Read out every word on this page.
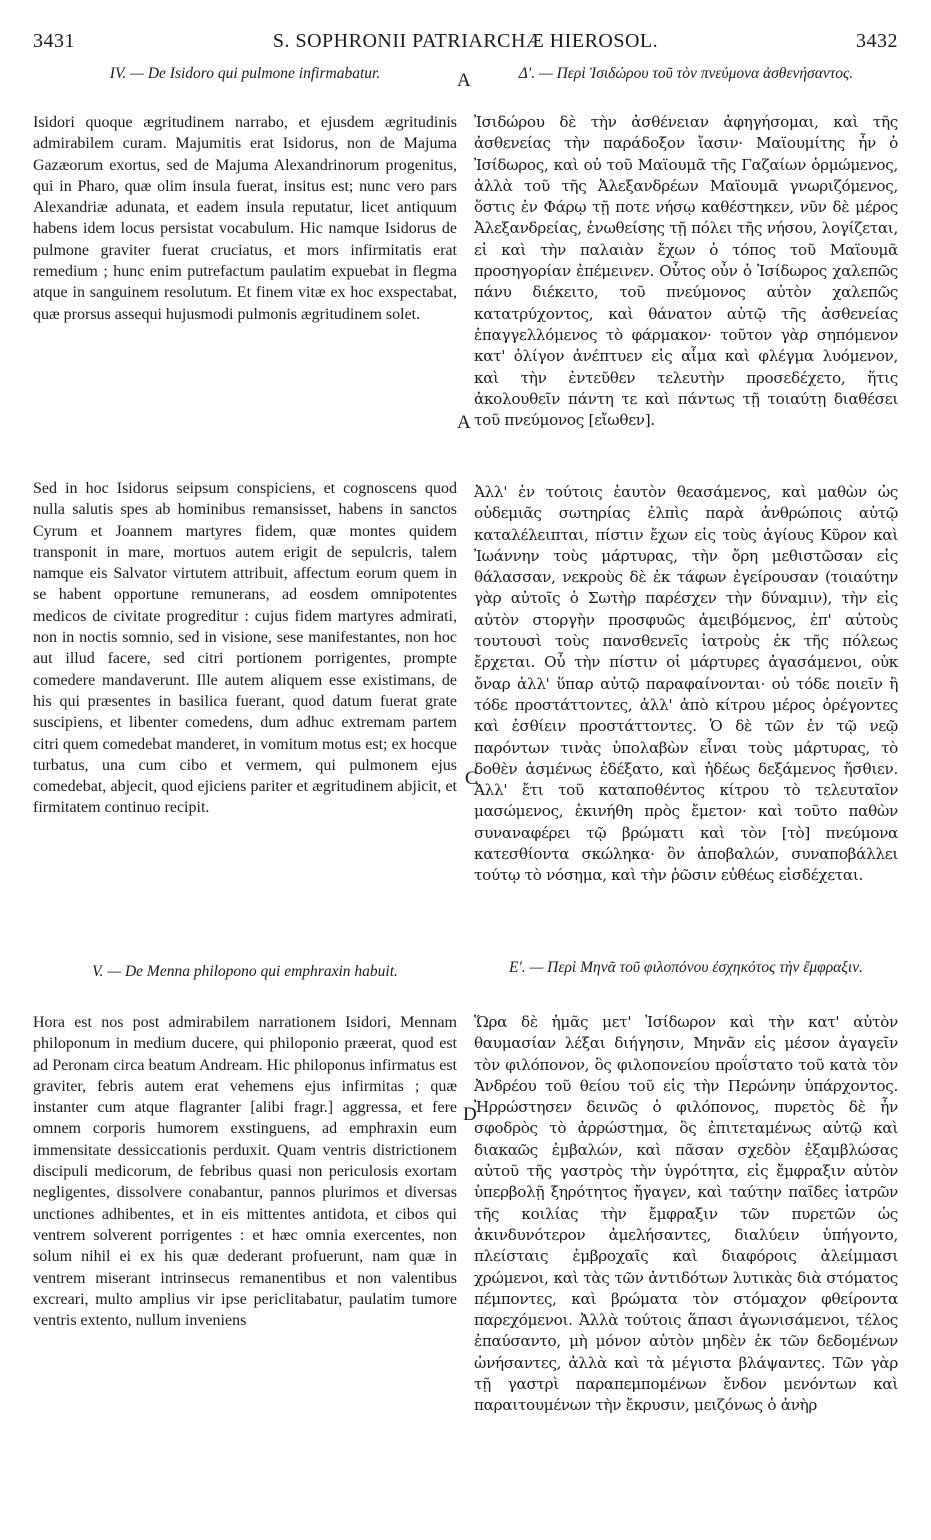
3431	S. SOPHRONII PATRIARCHÆ HIEROSOL.	3432
A
A
C
D
IV. — De Isidoro qui pulmone infirmabatur.

Isidori quoque ægritudinem narrabo, et ejusdem ægritudinis admirabilem curam. Majumitis erat Isidorus, non de Majuma Gazæorum exortus, sed de Majuma Alexandrinorum progenitus, qui in Pharo, quæ olim insula fuerat, insitus est; nunc vero pars Alexandriæ adunata, et eadem insula reputatur, licet antiquum habens idem locus persistat vocabulum. Hic namque Isidorus de pulmone graviter fuerat cruciatus, et mors infirmitatis erat remedium ; hunc enim putrefactum paulatim expuebat in flegma atque in sanguinem resolutum. Et finem vitæ ex hoc exspectabat, quæ prorsus assequi hujusmodi pulmonis ægritudinem solet.

Sed in hoc Isidorus seipsum conspiciens, et cognoscens quod nulla salutis spes ab hominibus remansisset, habens in sanctos Cyrum et Joannem martyres fidem, quæ montes quidem transponit in mare, mortuos autem erigit de sepulcris, talem namque eis Salvator virtutem attribuit, affectum eorum quem in se habent opportune remunerans, ad eosdem omnipotentes medicos de civitate progreditur : cujus fidem martyres admirati, non in noctis somnio, sed in visione, sese manifestantes, non hoc aut illud facere, sed citri portionem porrigentes, prompte comedere mandaverunt. Ille autem aliquem esse existimans, de his qui præsentes in basilica fuerant, quod datum fuerat grate suscipiens, et libenter comedens, dum adhuc extremam partem citri quem comedebat manderet, in vomitum motus est; ex hocque turbatus, una cum cibo et vermem, qui pulmonem ejus comedebat, abjecit, quod ejiciens pariter et ægritudinem abjicit, et firmitatem continuo recipit.

V. — De Menna philopono qui emphraxin habuit.

Hora est nos post admirabilem narrationem Isidori, Mennam philoponum in medium ducere, qui philoponio præerat, quod est ad Peronam circa beatum Andream. Hic philoponus infirmatus est graviter, febris autem erat vehemens ejus infirmitas ; quæ instanter cum atque flagranter [alibi fragr.] aggressa, et fere omnem corporis humorem exstinguens, ad emphraxin eum immensitate dessiccationis perduxit. Quam ventris districtionem discipuli medicorum, de febribus quasi non periculosis exortam negligentes, dissolvere conabantur, pannos plurimos et diversas unctiones adhibentes, et in eis mittentes antidota, et cibos qui ventrem solverent porrigentes : et hæc omnia exercentes, non solum nihil ei ex his quæ dederant profuerunt, nam quæ in ventrem miserant intrinsecus remanentibus et non valentibus excreari, multo amplius vir ipse periclitabatur, paulatim tumore ventris extento, nullum inveniens

Δ'. — Περὶ Ἰσιδώρου τοῦ τὸν πνεύμονα ἀσθενήσαντος.

Ἰσιδώρου δὲ τὴν ἀσθένειαν ἀφηγήσομαι, καὶ τῆς ἀσθενείας τὴν παράδοξον ἴασιν· Μαϊουμίτης ἦν ὁ Ἰσίδωρος, καὶ οὐ τοῦ Μαϊουμᾶ τῆς Γαζαίων ὁρμώμενος, ἀλλὰ τοῦ τῆς Ἀλεξανδρέων Μαϊουμᾶ γνωριζόμενος, ὅστις ἐν Φάρῳ τῇ ποτε νήσῳ καθέστηκεν, νῦν δὲ μέρος Ἀλεξανδρείας, ἑνωθείσης τῇ πόλει τῆς νήσου, λογίζεται, εἰ καὶ τὴν παλαιὰν ἔχων ὁ τόπος τοῦ Μαϊουμᾶ προσηγορίαν ἐπέμεινεν. Οὗτος οὖν ὁ Ἰσίδωρος χαλεπῶς πάνυ διέκειτο, τοῦ πνεύμονος αὐτὸν χαλεπῶς κατατρύχοντος, καὶ θάνατον αὐτῷ τῆς ἀσθενείας ἐπαγγελλόμενος τὸ φάρμακον· τοῦτον γὰρ σηπόμενον κατ' ὀλίγον ἀνέπτυεν εἰς αἷμα καὶ φλέγμα λυόμενον, καὶ τὴν ἐντεῦθεν τελευτὴν προσεδέχετο, ἥτις ἀκολουθεῖν πάντη τε καὶ πάντως τῇ τοιαύτῃ διαθέσει τοῦ πνεύμονος [εἴωθεν].

Ἀλλ' ἐν τούτοις ἑαυτὸν θεασάμενος, καὶ μαθὼν ὡς οὐδεμιᾶς σωτηρίας ἐλπὶς παρὰ ἀνθρώποις αὐτῷ καταλέλειπται, πίστιν ἔχων εἰς τοὺς ἁγίους Κῦρον καὶ Ἰωάννην τοὺς μάρτυρας, τὴν ὄρη μεθιστῶσαν εἰς θάλασσαν, νεκροὺς δὲ ἐκ τάφων ἐγείρουσαν (τοιαύτην γὰρ αὐτοῖς ὁ Σωτὴρ παρέσχεν τὴν δύναμιν), τὴν εἰς αὐτὸν στοργὴν προσφυῶς ἀμειβόμενος, ἐπ' αὐτοὺς τουτουσὶ τοὺς πανσθενεῖς ἰατροὺς ἐκ τῆς πόλεως ἔρχεται. Οὗ τὴν πίστιν οἱ μάρτυρες ἀγασάμενοι, οὐκ ὄναρ ἀλλ' ὕπαρ αὐτῷ παραφαίνονται· οὐ τόδε ποιεῖν ἢ τόδε προστάττοντες, ἀλλ' ἀπὸ κίτρου μέρος ὀρέγοντες καὶ ἐσθίειν προστάττοντες. Ὁ δὲ τῶν ἐν τῷ νεῷ παρόντων τινὰς ὑπολαβὼν εἶναι τοὺς μάρτυρας, τὸ δοθὲν ἀσμένως ἐδέξατο, καὶ ἡδέως δεξάμενος ἤσθιεν. Ἀλλ' ἔτι τοῦ καταποθέντος κίτρου τὸ τελευταῖον μασώμενος, ἐκινήθη πρὸς ἔμετον· καὶ τοῦτο παθὼν συναναφέρει τῷ βρώματι καὶ τὸν [τὸ] πνεύμονα κατεσθίοντα σκώληκα· ὃν ἀποβαλών, συναποβάλλει τούτῳ τὸ νόσημα, καὶ τὴν ῥῶσιν εὐθέως εἰσδέχεται.

Ε'. — Περὶ Μηνᾶ τοῦ φιλοπόνου ἐσχηκότος τὴν ἔμφραξιν.

Ὥρα δὲ ἡμᾶς μετ' Ἰσίδωρον καὶ τὴν κατ' αὐτὸν θαυμασίαν λέξαι διήγησιν, Μηνᾶν εἰς μέσον ἀγαγεῖν τὸν φιλόπονον, ὃς φιλοπονείου προΐστατο τοῦ κατὰ τὸν Ἀνδρέου τοῦ θείου τοῦ εἰς τὴν Περώνην ὑπάρχοντος. Ἠρρώστησεν δεινῶς ὁ φιλόπονος, πυρετὸς δὲ ἦν σφοδρὸς τὸ ἀρρώστημα, ὃς ἐπιτεταμένως αὐτῷ καὶ διακαῶς ἐμβαλών, καὶ πᾶσαν σχεδὸν ἐξαμβλώσας αὐτοῦ τῆς γαστρὸς τὴν ὑγρότητα, εἰς ἔμφραξιν αὐτὸν ὑπερβολῇ ξηρότητος ἤγαγεν, καὶ ταύτην παῖδες ἰατρῶν τῆς κοιλίας τὴν ἔμφραξιν τῶν πυρετῶν ὡς ἀκινδυνότερον ἀμελήσαντες, διαλύειν ὑπήγοντο, πλείσταις ἐμβροχαῖς καὶ διαφόροις ἀλείμμασι χρώμενοι, καὶ τὰς τῶν ἀντιδότων λυτικὰς διὰ στόματος πέμποντες, καὶ βρώματα τὸν στόμαχον φθείροντα παρεχόμενοι. Ἀλλὰ τούτοις ἅπασι ἀγωνισάμενοι, τέλος ἐπαύσαντο, μὴ μόνον αὐτὸν μηδὲν ἐκ τῶν δεδομένων ὠνήσαντες, ἀλλὰ καὶ τὰ μέγιστα βλάψαντες. Τῶν γὰρ τῇ γαστρὶ παραπεμπομένων ἔνδον μενόντων καὶ παραιτουμένων τὴν ἔκρυσιν, μειζόνως ὁ ἀνὴρ
